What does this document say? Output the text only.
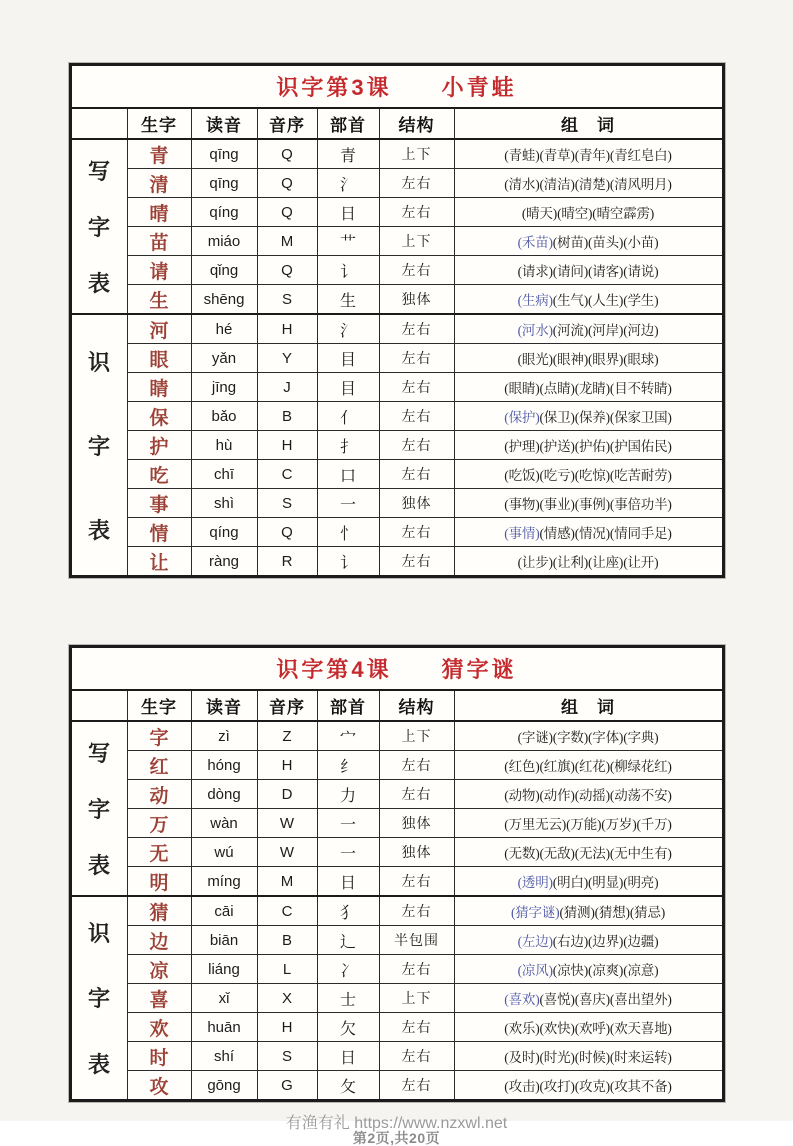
识字第3课　　 小青蛙						
	生字	读音	音序	部首	结构	组　词

写
字
表	青	qīng	Q	青	上下	(青蛙)(青草)(青年)(青红皂白)
	清	qīng	Q	氵	左右	(清水)(清洁)(清楚)(清风明月)
	晴	qíng	Q	日	左右	(晴天)(晴空)(晴空霹雳)
	苗	miáo	M	艹	上下	(禾苗)(树苗)(苗头)(小苗)
	请	qǐng	Q	讠	左右	(请求)(请问)(请客)(请说)
	生	shēng	S	生	独体	(生病)(生气)(人生)(学生)

识
字
表	河	hé	H	氵	左右	(河水)(河流)(河岸)(河边)
	眼	yǎn	Y	目	左右	(眼光)(眼神)(眼界)(眼球)
	睛	jīng	J	目	左右	(眼睛)(点睛)(龙睛)(目不转睛)
	保	bǎo	B	亻	左右	(保护)(保卫)(保养)(保家卫国)
	护	hù	H	扌	左右	(护理)(护送)(护佑)(护国佑民)
	吃	chī	C	口	左右	(吃饭)(吃亏)(吃惊)(吃苦耐劳)
	事	shì	S	一	独体	(事物)(事业)(事例)(事倍功半)
	情	qíng	Q	忄	左右	(事情)(情感)(情况)(情同手足)
	让	ràng	R	讠	左右	(让步)(让利)(让座)(让开)
识字第4课　　 猜字谜						
	生字	读音	音序	部首	结构	组　词

写
字
表	字	zì	Z	宀	上下	(字谜)(字数)(字体)(字典)
	红	hóng	H	纟	左右	(红色)(红旗)(红花)(柳绿花红)
	动	dòng	D	力	左右	(动物)(动作)(动摇)(动荡不安)
	万	wàn	W	一	独体	(万里无云)(万能)(万岁)(千万)
	无	wú	W	一	独体	(无数)(无敌)(无法)(无中生有)
	明	míng	M	日	左右	(透明)(明白)(明显)(明亮)

识
字
表	猜	cāi	C	犭	左右	(猜字谜)(猜测)(猜想)(猜忌)
	边	biān	B	辶	半包围	(左边)(右边)(边界)(边疆)
	凉	liáng	L	冫	左右	(凉风)(凉快)(凉爽)(凉意)
	喜	xǐ	X	士	上下	(喜欢)(喜悦)(喜庆)(喜出望外)
	欢	huān	H	欠	左右	(欢乐)(欢快)(欢呼)(欢天喜地)
	时	shí	S	日	左右	(及时)(时光)(时候)(时来运转)
	攻	gōng	G	攵	左右	(攻击)(攻打)(攻克)(攻其不备)
有渔有礼 https://www.nzxwl.net
第2页,共20页
